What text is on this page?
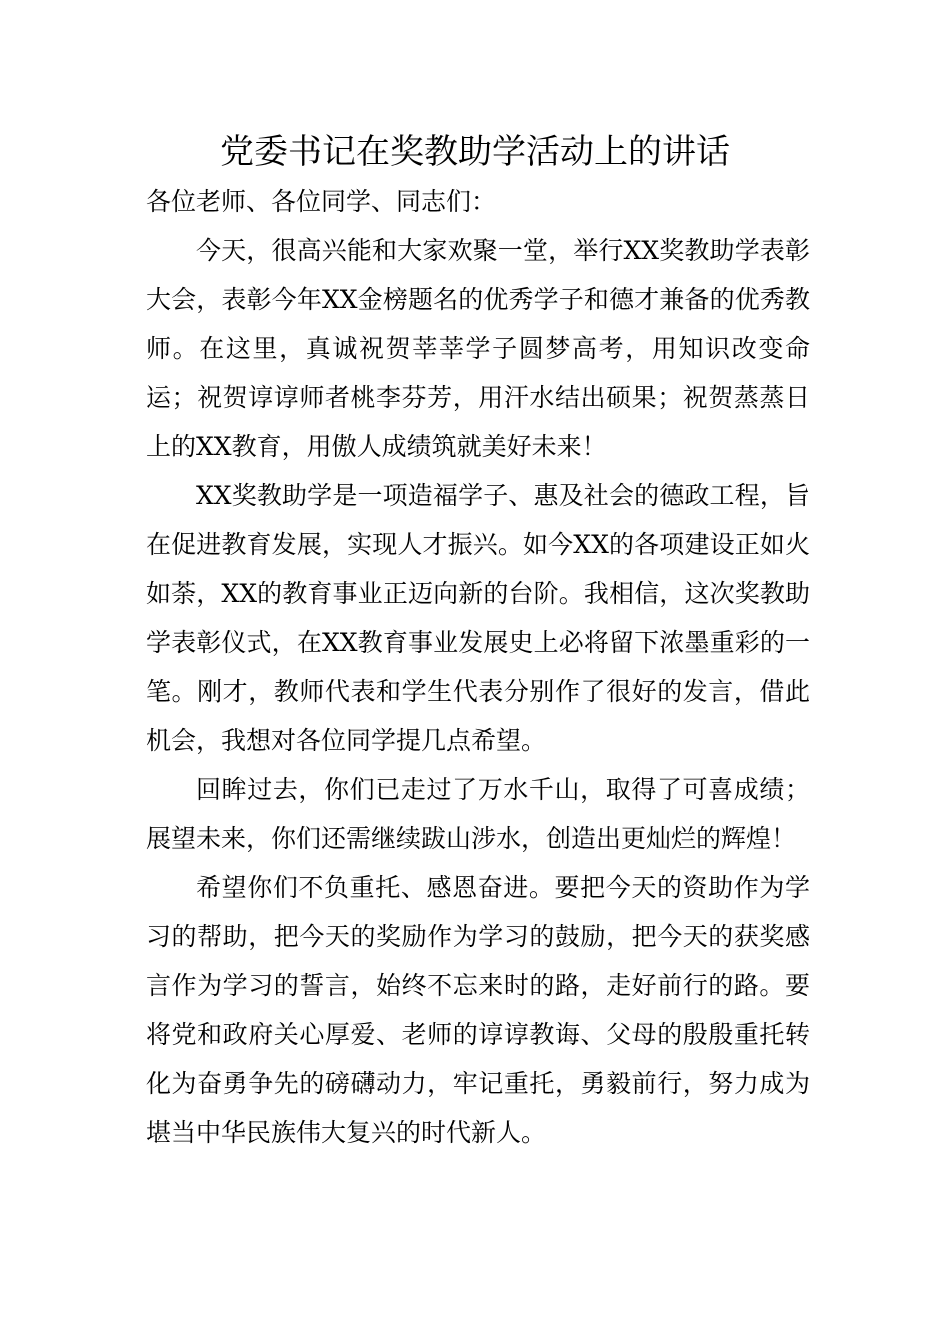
党委书记在奖教助学活动上的讲话

各位老师、各位同学、同志们：

今天，很高兴能和大家欢聚一堂，举行XX奖教助学表彰大会，表彰今年XX金榜题名的优秀学子和德才兼备的优秀教师。在这里，真诚祝贺莘莘学子圆梦高考，用知识改变命运；祝贺谆谆师者桃李芬芳，用汗水结出硕果；祝贺蒸蒸日上的XX教育，用傲人成绩筑就美好未来！

XX奖教助学是一项造福学子、惠及社会的德政工程，旨在促进教育发展，实现人才振兴。如今XX的各项建设正如火如荼，XX的教育事业正迈向新的台阶。我相信，这次奖教助学表彰仪式，在XX教育事业发展史上必将留下浓墨重彩的一笔。刚才，教师代表和学生代表分别作了很好的发言，借此机会，我想对各位同学提几点希望。

回眸过去，你们已走过了万水千山，取得了可喜成绩；展望未来，你们还需继续跋山涉水，创造出更灿烂的辉煌！

希望你们不负重托、感恩奋进。要把今天的资助作为学习的帮助，把今天的奖励作为学习的鼓励，把今天的获奖感言作为学习的誓言，始终不忘来时的路，走好前行的路。要将党和政府关心厚爱、老师的谆谆教诲、父母的殷殷重托转化为奋勇争先的磅礴动力，牢记重托，勇毅前行，努力成为堪当中华民族伟大复兴的时代新人。
